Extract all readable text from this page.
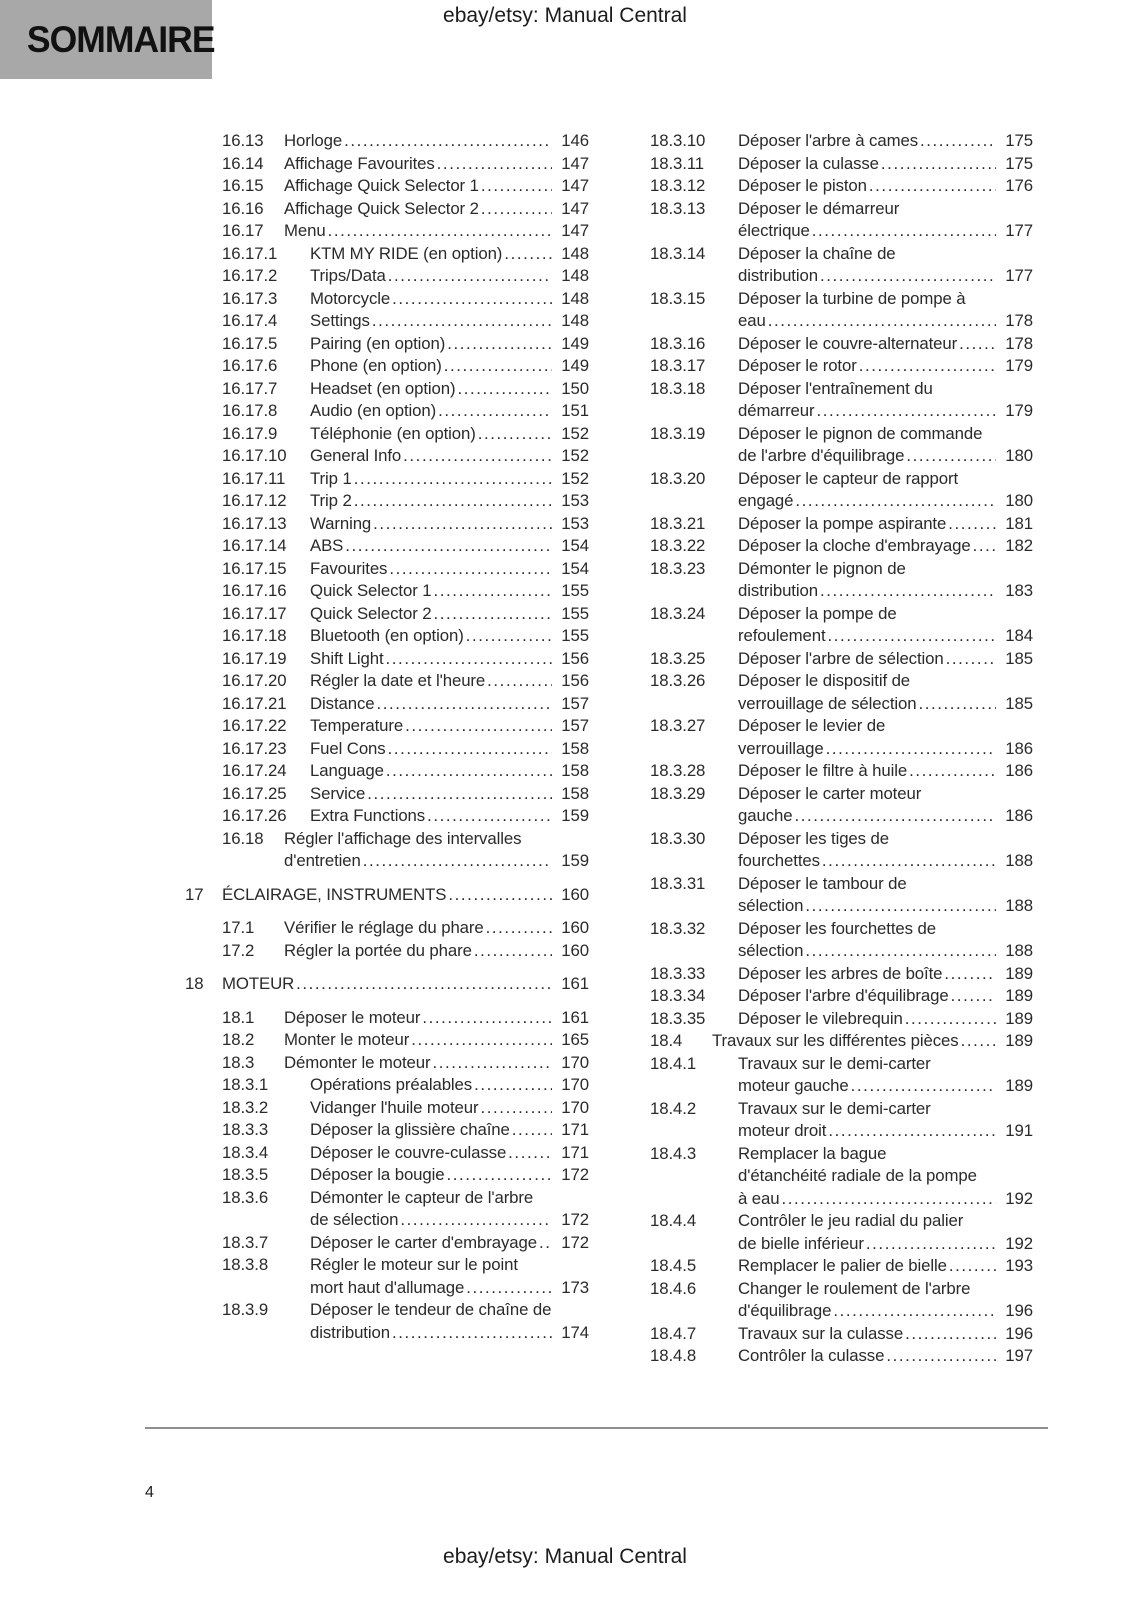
ebay/etsy: Manual Central
SOMMAIRE
16.13	Horloge .....	146
16.14	Affichage Favourites .....	147
16.15	Affichage Quick Selector 1 .....	147
16.16	Affichage Quick Selector 2 .....	147
16.17	Menu .....	147
16.17.1	KTM MY RIDE (en option) .....	148
16.17.2	Trips/Data .....	148
16.17.3	Motorcycle .....	148
16.17.4	Settings .....	148
16.17.5	Pairing (en option) .....	149
16.17.6	Phone (en option) .....	149
16.17.7	Headset (en option) .....	150
16.17.8	Audio (en option) .....	151
16.17.9	Téléphonie (en option) .....	152
16.17.10	General Info .....	152
16.17.11	Trip 1 .....	152
16.17.12	Trip 2 .....	153
16.17.13	Warning .....	153
16.17.14	ABS .....	154
16.17.15	Favourites .....	154
16.17.16	Quick Selector 1 .....	155
16.17.17	Quick Selector 2 .....	155
16.17.18	Bluetooth (en option) .....	155
16.17.19	Shift Light .....	156
16.17.20	Régler la date et l'heure .....	156
16.17.21	Distance .....	157
16.17.22	Temperature .....	157
16.17.23	Fuel Cons .....	158
16.17.24	Language .....	158
16.17.25	Service .....	158
16.17.26	Extra Functions .....	159
16.18	Régler l'affichage des intervalles
d'entretien .....	159
17	ÉCLAIRAGE, INSTRUMENTS .....	160
17.1	Vérifier le réglage du phare .....	160
17.2	Régler la portée du phare .....	160
18	MOTEUR .....	161
18.1	Déposer le moteur .....	161
18.2	Monter le moteur .....	165
18.3	Démonter le moteur .....	170
18.3.1	Opérations préalables .....	170
18.3.2	Vidanger l'huile moteur .....	170
18.3.3	Déposer la glissière chaîne .....	171
18.3.4	Déposer le couvre-culasse .....	171
18.3.5	Déposer la bougie .....	172
18.3.6	Démonter le capteur de l'arbre
de sélection .....	172
18.3.7	Déposer le carter d'embrayage .....	172
18.3.8	Régler le moteur sur le point
mort haut d'allumage .....	173
18.3.9	Déposer le tendeur de chaîne de
distribution .....	174
18.3.10	Déposer l'arbre à cames .....	175
18.3.11	Déposer la culasse .....	175
18.3.12	Déposer le piston .....	176
18.3.13	Déposer le démarreur
électrique .....	177
18.3.14	Déposer la chaîne de
distribution .....	177
18.3.15	Déposer la turbine de pompe à
eau .....	178
18.3.16	Déposer le couvre-alternateur .....	178
18.3.17	Déposer le rotor .....	179
18.3.18	Déposer l'entraînement du
démarreur .....	179
18.3.19	Déposer le pignon de commande
de l'arbre d'équilibrage .....	180
18.3.20	Déposer le capteur de rapport
engagé .....	180
18.3.21	Déposer la pompe aspirante .....	181
18.3.22	Déposer la cloche d'embrayage .....	182
18.3.23	Démonter le pignon de
distribution .....	183
18.3.24	Déposer la pompe de
refoulement .....	184
18.3.25	Déposer l'arbre de sélection .....	185
18.3.26	Déposer le dispositif de
verrouillage de sélection .....	185
18.3.27	Déposer le levier de
verrouillage .....	186
18.3.28	Déposer le filtre à huile .....	186
18.3.29	Déposer le carter moteur
gauche .....	186
18.3.30	Déposer les tiges de
fourchettes .....	188
18.3.31	Déposer le tambour de
sélection .....	188
18.3.32	Déposer les fourchettes de
sélection .....	188
18.3.33	Déposer les arbres de boîte .....	189
18.3.34	Déposer l'arbre d'équilibrage .....	189
18.3.35	Déposer le vilebrequin .....	189
18.4	Travaux sur les différentes pièces .....	189
18.4.1	Travaux sur le demi-carter
moteur gauche .....	189
18.4.2	Travaux sur le demi-carter
moteur droit .....	191
18.4.3	Remplacer la bague
d'étanchéité radiale de la pompe
à eau .....	192
18.4.4	Contrôler le jeu radial du palier
de bielle inférieur .....	192
18.4.5	Remplacer le palier de bielle .....	193
18.4.6	Changer le roulement de l'arbre
d'équilibrage .....	196
18.4.7	Travaux sur la culasse .....	196
18.4.8	Contrôler la culasse .....	197
4
ebay/etsy: Manual Central
